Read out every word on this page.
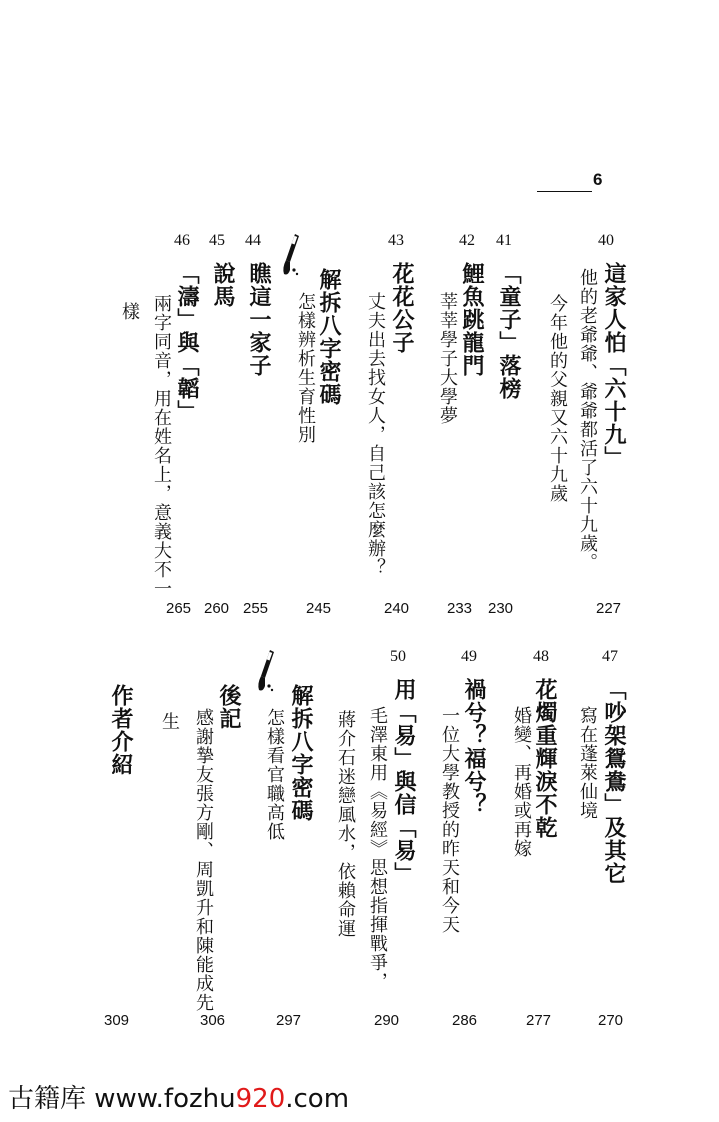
6
40
這家人怕「六十九」
他的老爺爺、爺爺都活了六十九歲。
今年他的父親又六十九歲
227
41
「童子」落榜
230
42
鯉魚跳龍門
莘莘學子大學夢
233
43
花花公子
丈夫出去找女人，自己該怎麼辦？
240
解拆八字密碼
怎樣辨析生育性別
245
44
瞧這一家子
255
45
說馬
260
46
「濤」與「韜」
兩字同音，用在姓名上，意義大不一
樣
265
47
「吵架鴛鴦」及其它
寫在蓬萊仙境
270
48
花燭重輝淚不乾
婚變、再婚或再嫁
277
49
禍兮？福兮？
一位大學教授的昨天和今天
286
50
用「易」與信「易」
毛澤東用《易經》思想指揮戰爭，
蔣介石迷戀風水，依賴命運
290
解拆八字密碼
怎樣看官職高低
297
後記
感謝摯友張方剛、周凱升和陳能成先
生
306
作者介紹
309
古籍库 www.fozhu920.com
